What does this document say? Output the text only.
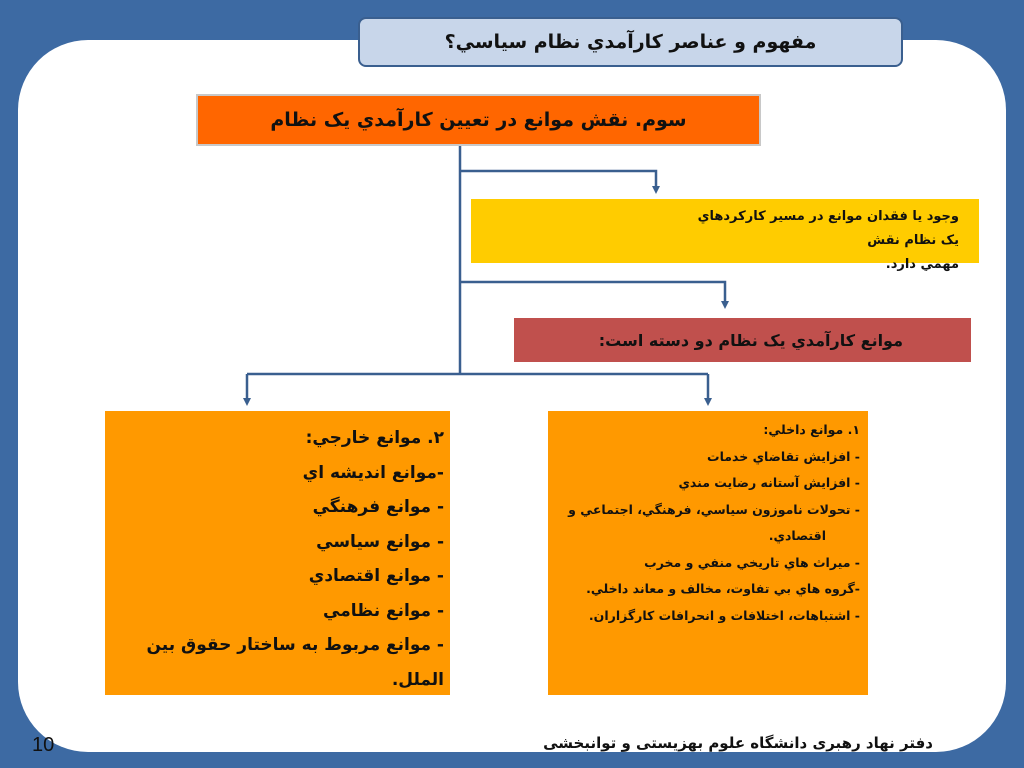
مفهوم و عناصر کارآمدي نظام سياسي؟
سوم. نقش موانع در تعيين کارآمدي يک نظام
وجود يا فقدان موانع در مسير کارکردهاي يک نظام نقش
مهمي دارد.
موانع کارآمدي يک نظام دو دسته است:

۲. موانع خارجي:

-موانع انديشه اي

- موانع فرهنگي

- موانع سياسي

- موانع اقتصادي

- موانع نظامي

- موانع مربوط به ساختار حقوق بين الملل.

۱. موانع داخلي:

- افزايش تقاضاي خدمات

- افزايش آستانه رضايت مندي

- تحولات ناموزون سياسي، فرهنگي، اجتماعي و

اقتصادي.

- ميراث هاي تاريخي منفي و مخرب

-گروه هاي بي تفاوت، مخالف و معاند داخلي.

- اشتباهات، اختلافات و انحرافات کارگزاران.

دفتر نهاد رهبری دانشگاه علوم بهزیستی و توانبخشی
10
